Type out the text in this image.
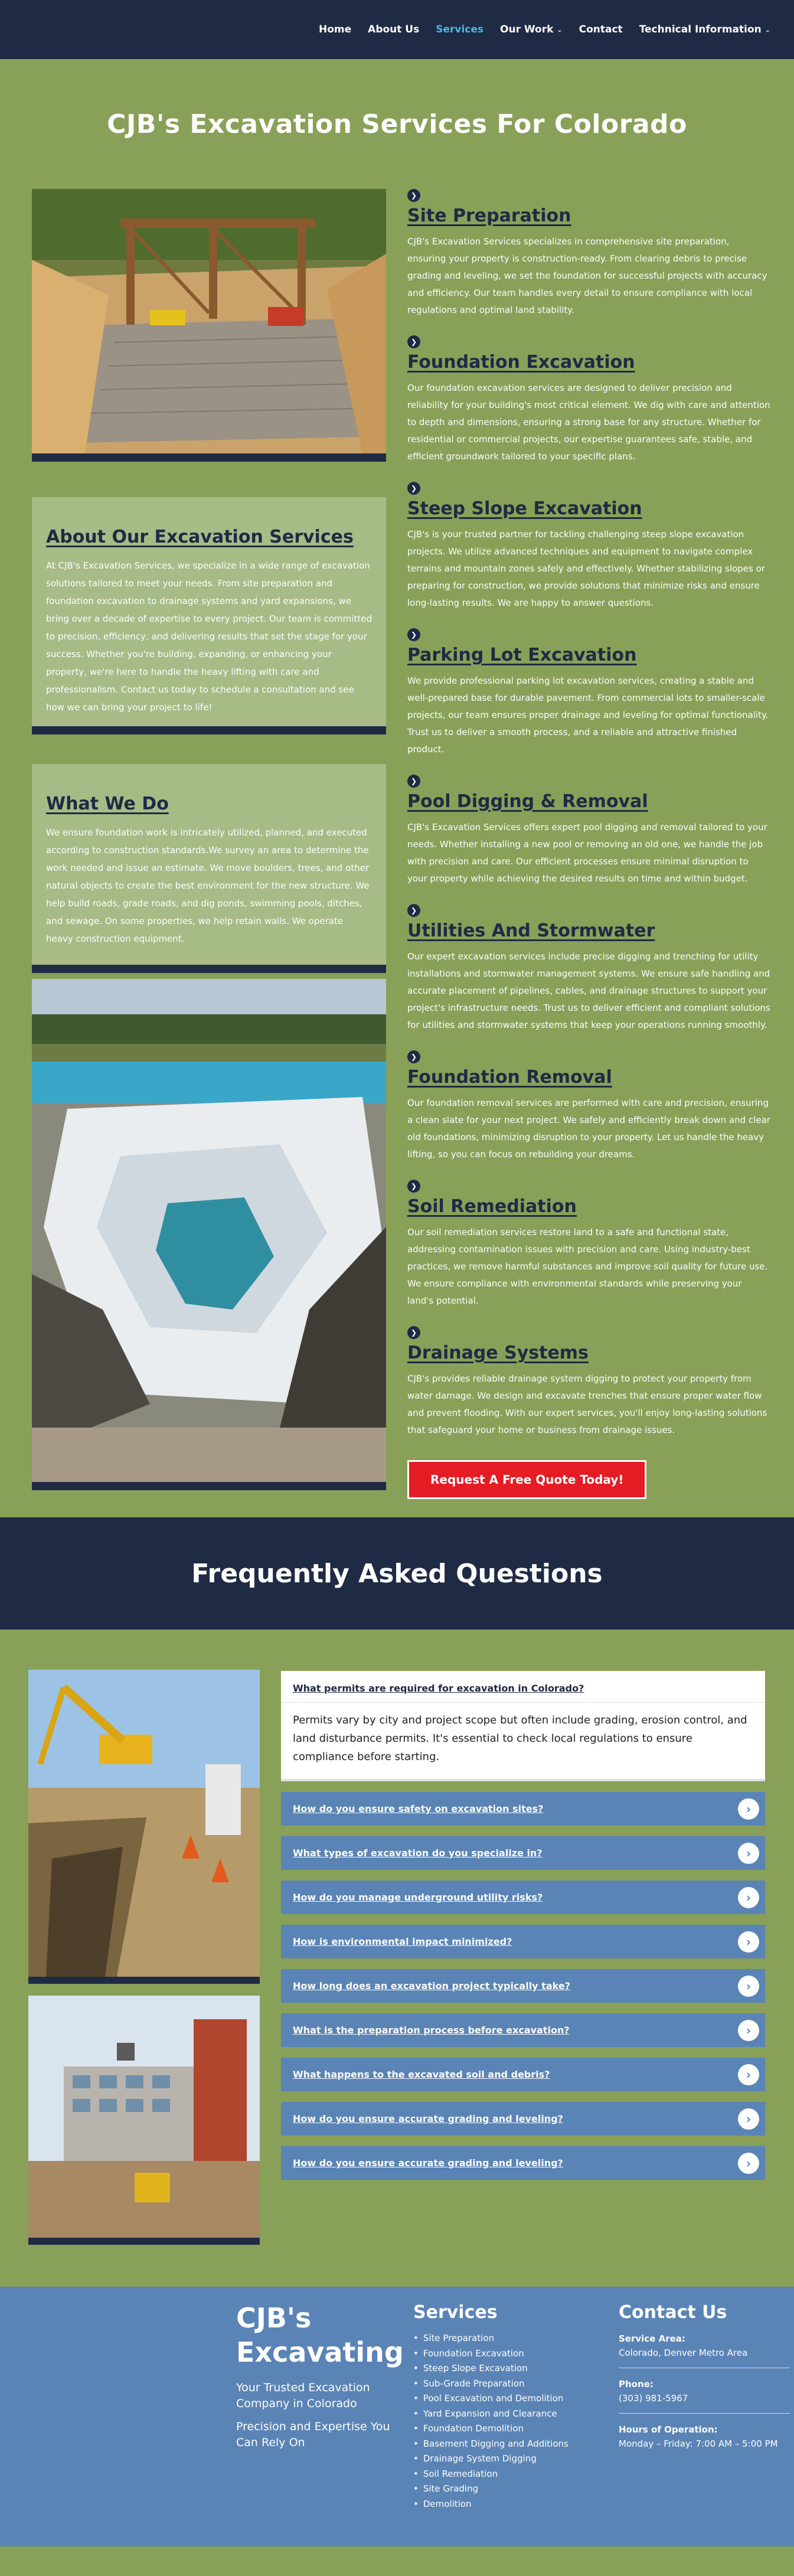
Home About Us Services Our Work ⌄ Contact Technical Information ⌄
CJB's Excavation Services For Colorado
About Our Excavation Services

At CJB's Excavation Services, we specialize in a wide range of excavation solutions tailored to meet your needs. From site preparation and foundation excavation to drainage systems and yard expansions, we bring over a decade of expertise to every project. Our team is committed to precision, efficiency, and delivering results that set the stage for your success. Whether you're building, expanding, or enhancing your property, we're here to handle the heavy lifting with care and professionalism. Contact us today to schedule a consultation and see how we can bring your project to life!

What We Do

We ensure foundation work is intricately utilized, planned, and executed according to construction standards.We survey an area to determine the work needed and issue an estimate. We move boulders, trees, and other natural objects to create the best environment for the new structure. We help build roads, grade roads, and dig ponds, swimming pools, ditches, and sewage. On some properties, we help retain walls. We operate heavy construction equipment.

❯
Site Preparation

CJB's Excavation Services specializes in comprehensive site preparation, ensuring your property is construction-ready. From clearing debris to precise grading and leveling, we set the foundation for successful projects with accuracy and efficiency. Our team handles every detail to ensure compliance with local regulations and optimal land stability.

❯
Foundation Excavation

Our foundation excavation services are designed to deliver precision and reliability for your building's most critical element. We dig with care and attention to depth and dimensions, ensuring a strong base for any structure. Whether for residential or commercial projects, our expertise guarantees safe, stable, and efficient groundwork tailored to your specific plans.

❯
Steep Slope Excavation

CJB's is your trusted partner for tackling challenging steep slope excavation projects. We utilize advanced techniques and equipment to navigate complex terrains and mountain zones safely and effectively. Whether stabilizing slopes or preparing for construction, we provide solutions that minimize risks and ensure long-lasting results. We are happy to answer questions.

❯
Parking Lot Excavation

We provide professional parking lot excavation services, creating a stable and well-prepared base for durable pavement. From commercial lots to smaller-scale projects, our team ensures proper drainage and leveling for optimal functionality. Trust us to deliver a smooth process, and a reliable and attractive finished product.

❯
Pool Digging & Removal

CJB's Excavation Services offers expert pool digging and removal tailored to your needs. Whether installing a new pool or removing an old one, we handle the job with precision and care. Our efficient processes ensure minimal disruption to your property while achieving the desired results on time and within budget.

❯
Utilities And Stormwater

Our expert excavation services include precise digging and trenching for utility installations and stormwater management systems. We ensure safe handling and accurate placement of pipelines, cables, and drainage structures to support your project's infrastructure needs. Trust us to deliver efficient and compliant solutions for utilities and stormwater systems that keep your operations running smoothly.

❯
Foundation Removal

Our foundation removal services are performed with care and precision, ensuring a clean slate for your next project. We safely and efficiently break down and clear old foundations, minimizing disruption to your property. Let us handle the heavy lifting, so you can focus on rebuilding your dreams.

❯
Soil Remediation

Our soil remediation services restore land to a safe and functional state, addressing contamination issues with precision and care. Using industry-best practices, we remove harmful substances and improve soil quality for future use. We ensure compliance with environmental standards while preserving your land's potential.

❯
Drainage Systems

CJB's provides reliable drainage system digging to protect your property from water damage. We design and excavate trenches that ensure proper water flow and prevent flooding. With our expert services, you'll enjoy long-lasting solutions that safeguard your home or business from drainage issues.

Request A Free Quote Today!
Frequently Asked Questions
What permits are required for excavation in Colorado?
Permits vary by city and project scope but often include grading, erosion control, and land disturbance permits. It's essential to check local regulations to ensure compliance before starting.
How do you ensure safety on excavation sites?	›
What types of excavation do you specialize in?	›
How do you manage underground utility risks?	›
How is environmental impact minimized?	›
How long does an excavation project typically take?	›
What is the preparation process before excavation?	›
What happens to the excavated soil and debris?	›
How do you ensure accurate grading and leveling?	›
How do you ensure accurate grading and leveling?	›
CJB's Excavating

Your Trusted Excavation Company in Colorado

Precision and Expertise You Can Rely On

Services
• Site Preparation
• Foundation Excavation
• Steep Slope Excavation
• Sub-Grade Preparation
• Pool Excavation and Demolition
• Yard Expansion and Clearance
• Foundation Demolition
• Basement Digging and Additions
• Drainage System Digging
• Soil Remediation
• Site Grading
• Demolition
Contact Us
Service Area:
Colorado, Denver Metro Area
Phone:
(303) 981-5967
Hours of Operation:
Monday – Friday: 7:00 AM – 5:00 PM
